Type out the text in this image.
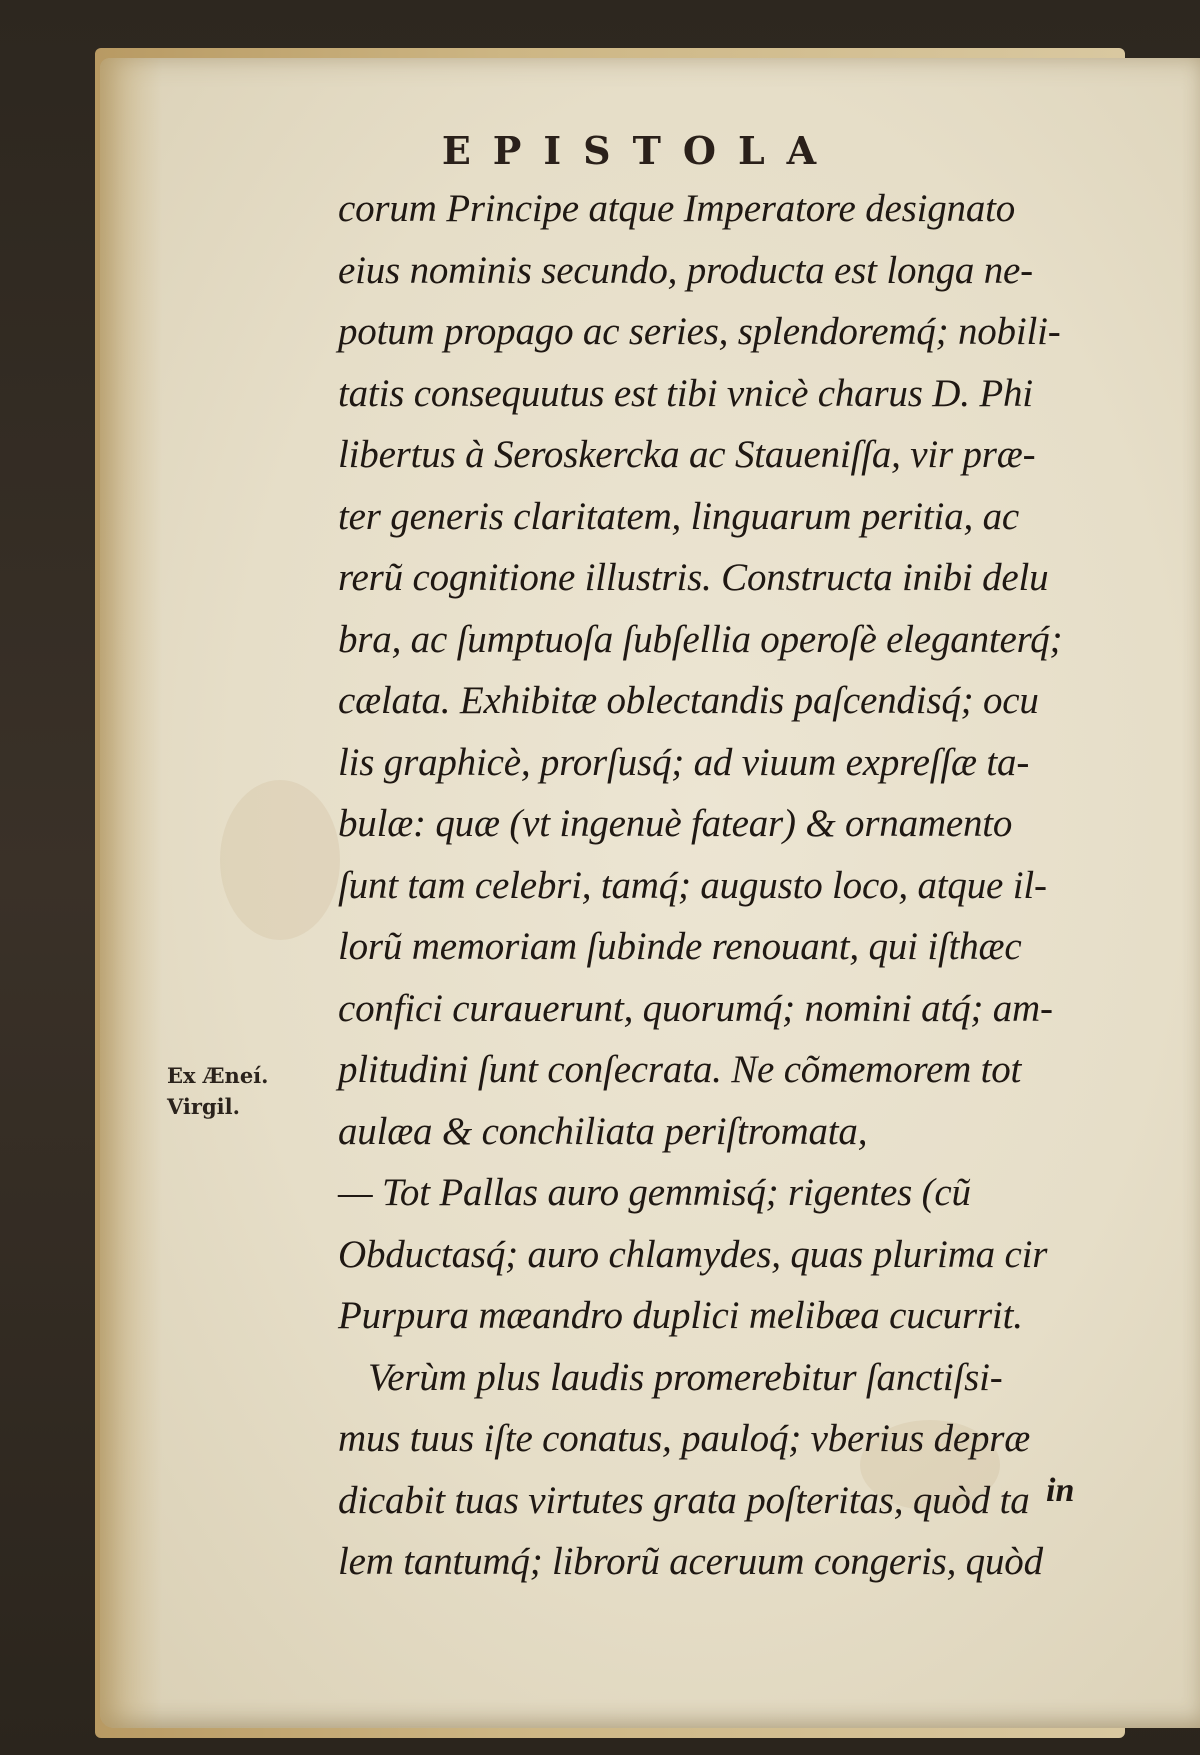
EPISTOLA
corum Principe atque Imperatore designato
eius nominis secundo, producta est longa ne-
potum propago ac series, splendoremq́; nobili-
tatis consequutus est tibi vnicè charus D. Phi
libertus à Seroskercka ac Staueniſſa, vir præ-
ter generis claritatem, linguarum peritia, ac
rerũ cognitione illustris. Constructa inibi delu
bra, ac ſumptuoſa ſubſellia operoſè eleganterq́;
cælata. Exhibitæ oblectandis paſcendisq́; ocu
lis graphicè, prorſusq́; ad viuum expreſſæ ta-
bulæ: quæ (vt ingenuè fatear) & ornamento
ſunt tam celebri, tamq́; augusto loco, atque il-
lorũ memoriam ſubinde renouant, qui iſthæc
confici curauerunt, quorumq́; nomini atq́; am-
plitudini ſunt conſecrata. Ne cõmemorem tot
aulæa & conchiliata periſtromata,
— Tot Pallas auro gemmisq́; rigentes (cũ
Obductasq́; auro chlamydes, quas plurima cir
Purpura mæandro duplici melibæa cucurrit.
Verùm plus laudis promerebitur ſanctiſsi-
mus tuus iſte conatus, pauloq́; vberius depræ
dicabit tuas virtutes grata poſteritas, quòd ta
lem tantumq́; librorũ aceruum congeris, quòd
in
Ex Æneí.
Virgil.
